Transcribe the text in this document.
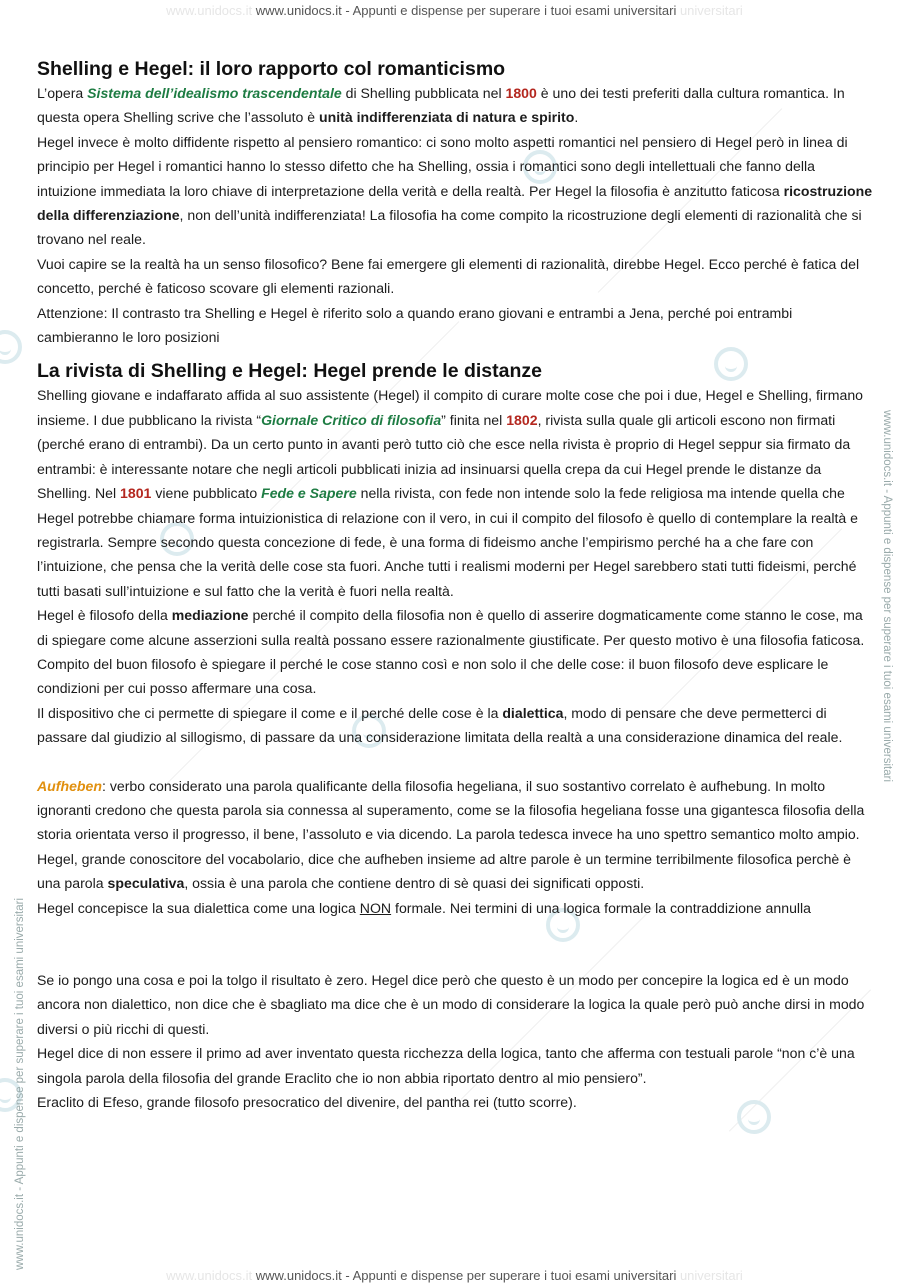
www.unidocs.it www.unidocs.it - Appunti e dispense per superare i tuoi esami universitari universitari
www.unidocs.it www.unidocs.it - Appunti e dispense per superare i tuoi esami universitari universitari
www.unidocs.it - Appunti e dispense per superare i tuoi esami universitari
www.unidocs.it - Appunti e dispense per superare i tuoi esami universitari
Shelling e Hegel: il loro rapporto col romanticismo

L’opera Sistema dell’idealismo trascendentale di Shelling pubblicata nel 1800 è uno dei testi preferiti dalla cultura romantica. In questa opera Shelling scrive che l’assoluto è unità indifferenziata di natura e spirito.

Hegel invece è molto diffidente rispetto al pensiero romantico: ci sono molto aspetti romantici nel pensiero di Hegel però in linea di principio per Hegel i romantici hanno lo stesso difetto che ha Shelling, ossia i romantici sono degli intellettuali che fanno della intuizione immediata la loro chiave di interpretazione della verità e della realtà. Per Hegel la filosofia è anzitutto faticosa ricostruzione della differenziazione, non dell’unità indifferenziata! La filosofia ha come compito la ricostruzione degli elementi di razionalità che si trovano nel reale.

Vuoi capire se la realtà ha un senso filosofico? Bene fai emergere gli elementi di razionalità, direbbe Hegel. Ecco perché è fatica del concetto, perché è faticoso scovare gli elementi razionali.

Attenzione: Il contrasto tra Shelling e Hegel è riferito solo a quando erano giovani e entrambi a Jena, perché poi entrambi cambieranno le loro posizioni

La rivista di Shelling e Hegel: Hegel prende le distanze

Shelling giovane e indaffarato affida al suo assistente (Hegel) il compito di curare molte cose che poi i due, Hegel e Shelling, firmano insieme. I due pubblicano la rivista “Giornale Critico di filosofia” finita nel 1802, rivista sulla quale gli articoli escono non firmati (perché erano di entrambi). Da un certo punto in avanti però tutto ciò che esce nella rivista è proprio di Hegel seppur sia firmato da entrambi: è interessante notare che negli articoli pubblicati inizia ad insinuarsi quella crepa da cui Hegel prende le distanze da Shelling. Nel 1801 viene pubblicato Fede e Sapere nella rivista, con fede non intende solo la fede religiosa ma intende quella che Hegel potrebbe chiamare forma intuizionistica di relazione con il vero, in cui il compito del filosofo è quello di contemplare la realtà e registrarla. Sempre secondo questa concezione di fede, è una forma di fideismo anche l’empirismo perché ha a che fare con l’intuizione, che pensa che la verità delle cose sta fuori. Anche tutti i realismi moderni per Hegel sarebbero stati tutti fideismi, perché tutti basati sull’intuizione e sul fatto che la verità è fuori nella realtà.

Hegel è filosofo della mediazione perché il compito della filosofia non è quello di asserire dogmaticamente come stanno le cose, ma di spiegare come alcune asserzioni sulla realtà possano essere razionalmente giustificate. Per questo motivo è una filosofia faticosa. Compito del buon filosofo è spiegare il perché le cose stanno così e non solo il che delle cose: il buon filosofo deve esplicare le condizioni per cui posso affermare una cosa.

Il dispositivo che ci permette di spiegare il come e il perché delle cose è la dialettica, modo di pensare che deve permetterci di passare dal giudizio al sillogismo, di passare da una considerazione limitata della realtà a una considerazione dinamica del reale.

Aufheben: verbo considerato una parola qualificante della filosofia hegeliana, il suo sostantivo correlato è aufhebung. In molto ignoranti credono che questa parola sia connessa al superamento, come se la filosofia hegeliana fosse una gigantesca filosofia della storia orientata verso il progresso, il bene, l’assoluto e via dicendo. La parola tedesca invece ha uno spettro semantico molto ampio. Hegel, grande conoscitore del vocabolario, dice che aufheben insieme ad altre parole è un termine terribilmente filosofica perchè è una parola speculativa, ossia è una parola che contiene dentro di sè quasi dei significati opposti.

Hegel concepisce la sua dialettica come una logica NON formale. Nei termini di una logica formale la contraddizione annulla

Se io pongo una cosa e poi la tolgo il risultato è zero. Hegel dice però che questo è un modo per concepire la logica ed è un modo ancora non dialettico, non dice che è sbagliato ma dice che è un modo di considerare la logica la quale però può anche dirsi in modo diversi o più ricchi di questi.

Hegel dice di non essere il primo ad aver inventato questa ricchezza della logica, tanto che afferma con testuali parole “non c’è una singola parola della filosofia del grande Eraclito che io non abbia riportato dentro al mio pensiero”.

Eraclito di Efeso, grande filosofo presocratico del divenire, del pantha rei (tutto scorre).
